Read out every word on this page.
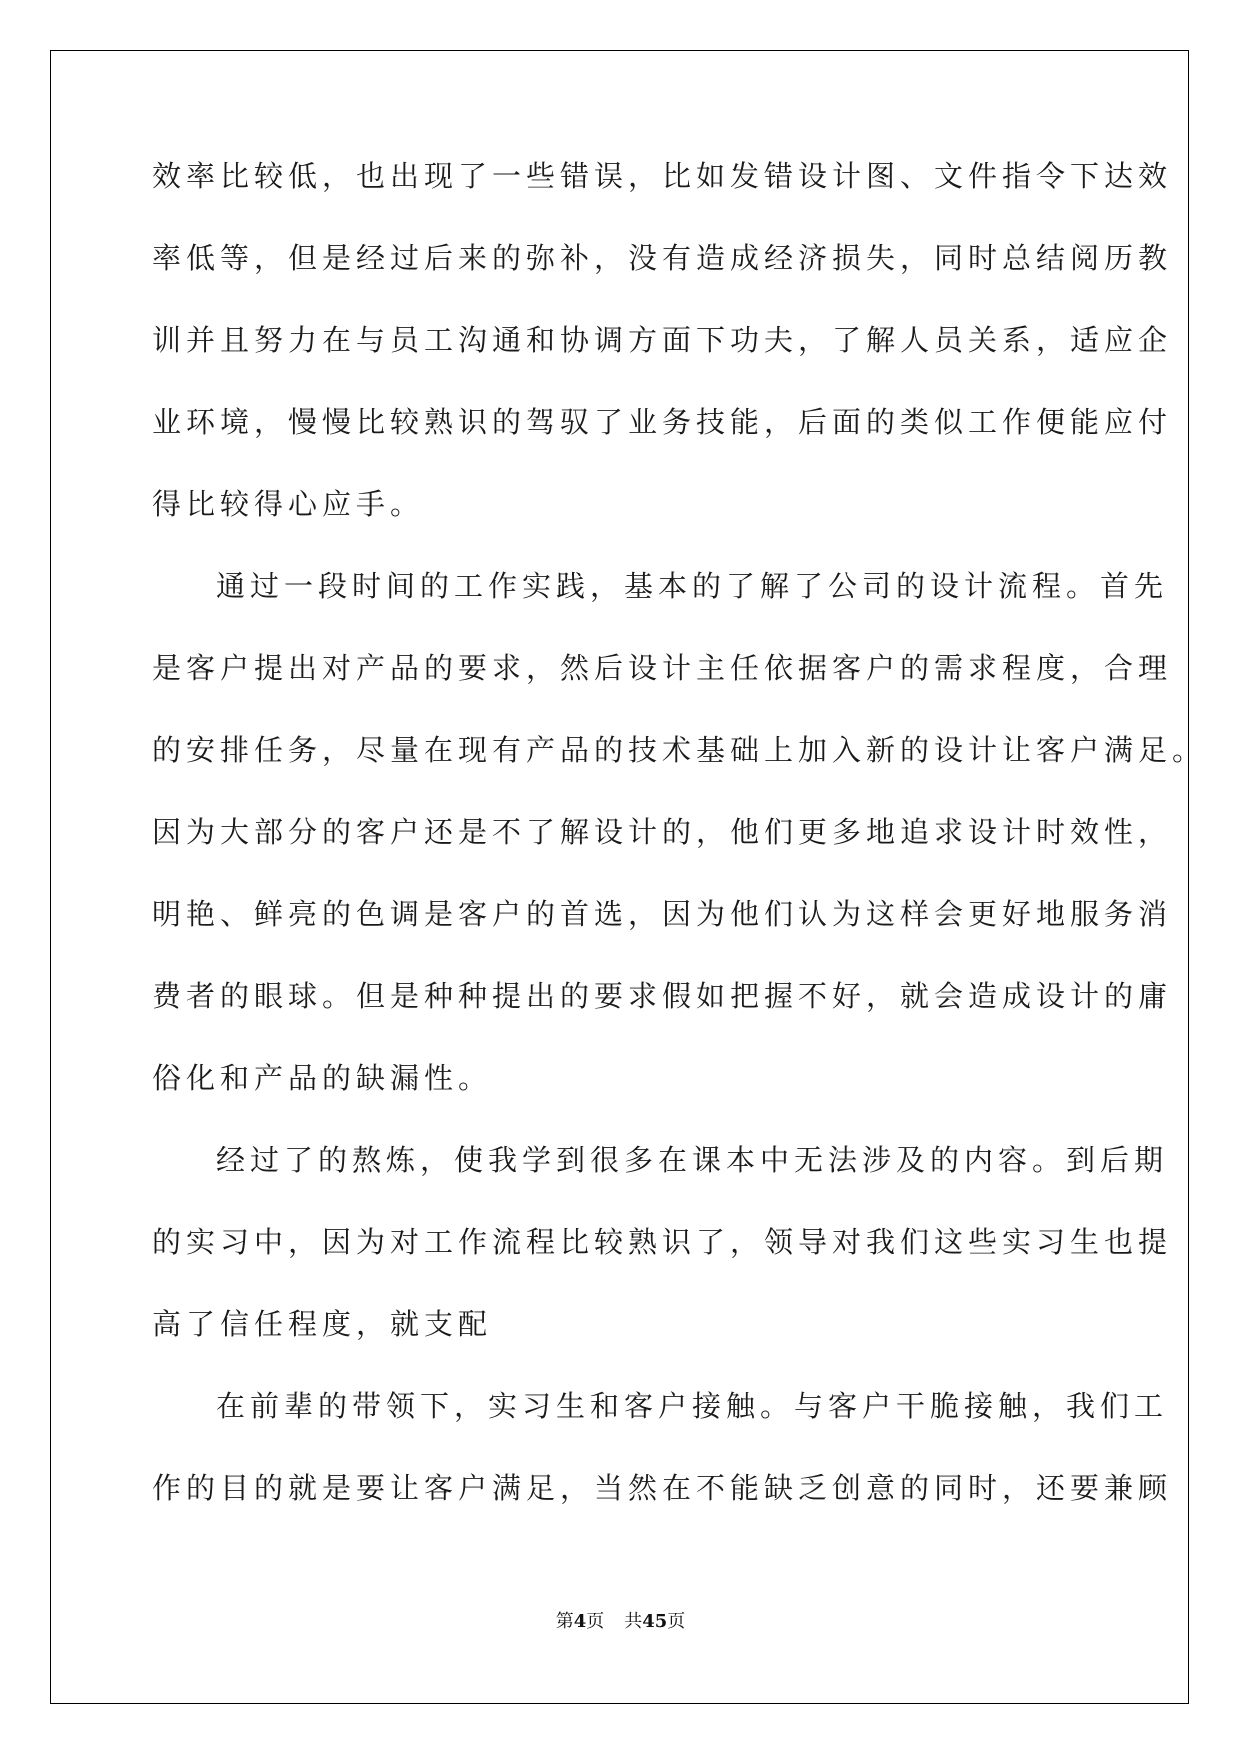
效率比较低，也出现了一些错误，比如发错设计图、文件指令下达效
率低等，但是经过后来的弥补，没有造成经济损失，同时总结阅历教
训并且努力在与员工沟通和协调方面下功夫，了解人员关系，适应企
业环境，慢慢比较熟识的驾驭了业务技能，后面的类似工作便能应付
得比较得心应手。
通过一段时间的工作实践，基本的了解了公司的设计流程。首先
是客户提出对产品的要求，然后设计主任依据客户的需求程度，合理
的安排任务，尽量在现有产品的技术基础上加入新的设计让客户满足。
因为大部分的客户还是不了解设计的，他们更多地追求设计时效性，
明艳、鲜亮的色调是客户的首选，因为他们认为这样会更好地服务消
费者的眼球。但是种种提出的要求假如把握不好，就会造成设计的庸
俗化和产品的缺漏性。
经过了的熬炼，使我学到很多在课本中无法涉及的内容。到后期
的实习中，因为对工作流程比较熟识了，领导对我们这些实习生也提
高了信任程度，就支配
在前辈的带领下，实习生和客户接触。与客户干脆接触，我们工
作的目的就是要让客户满足，当然在不能缺乏创意的同时，还要兼顾
第4页 共45页
